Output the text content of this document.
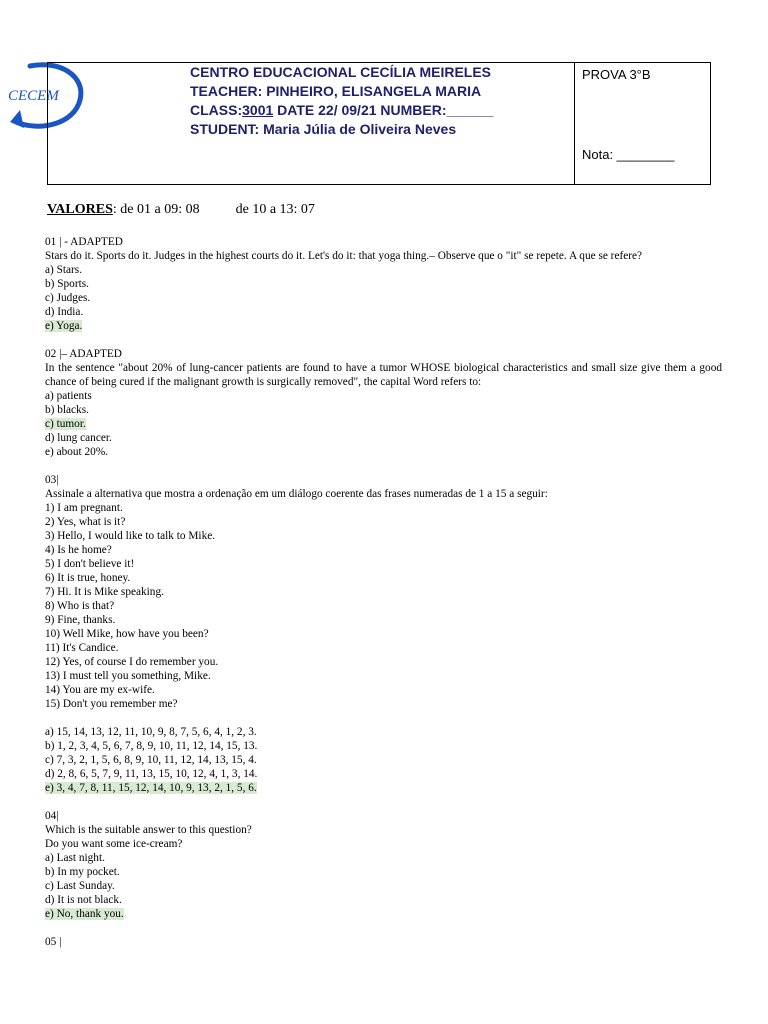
CECEM
CENTRO EDUCACIONAL CECÍLIA MEIRELES
TEACHER: PINHEIRO, ELISANGELA MARIA
CLASS:3001 DATE 22/ 09/21 NUMBER:______
STUDENT: Maria Júlia de Oliveira Neves
PROVA 3°B
Nota: ________
VALORES: de 01 a 09: 08	de 10 a 13: 07
01 | - ADAPTED
Stars do it. Sports do it. Judges in the highest courts do it. Let's do it: that yoga thing.– Observe que o "it" se repete. A que se refere?
a) Stars.
b) Sports.
c) Judges.
d) India.
e) Yoga.
02 |– ADAPTED
In the sentence "about 20% of lung-cancer patients are found to have a tumor WHOSE biological characteristics and small size give them a good chance of being cured if the malignant growth is surgically removed", the capital Word refers to:
a) patients
b) blacks.
c) tumor.
d) lung cancer.
e) about 20%.
03|
Assinale a alternativa que mostra a ordenação em um diálogo coerente das frases numeradas de 1 a 15 a seguir:
1) I am pregnant.
2) Yes, what is it?
3) Hello, I would like to talk to Mike.
4) Is he home?
5) I don't believe it!
6) It is true, honey.
7) Hi. It is Mike speaking.
8) Who is that?
9) Fine, thanks.
10) Well Mike, how have you been?
11) It's Candice.
12) Yes, of course I do remember you.
13) I must tell you something, Mike.
14) You are my ex-wife.
15) Don't you remember me?
a) 15, 14, 13, 12, 11, 10, 9, 8, 7, 5, 6, 4, 1, 2, 3.
b) 1, 2, 3, 4, 5, 6, 7, 8, 9, 10, 11, 12, 14, 15, 13.
c) 7, 3, 2, 1, 5, 6, 8, 9, 10, 11, 12, 14, 13, 15, 4.
d) 2, 8, 6, 5, 7, 9, 11, 13, 15, 10, 12, 4, 1, 3, 14.
e) 3, 4, 7, 8, 11, 15, 12, 14, 10, 9, 13, 2, 1, 5, 6.
04|
Which is the suitable answer to this question?
Do you want some ice-cream?
a) Last night.
b) In my pocket.
c) Last Sunday.
d) It is not black.
e) No, thank you.
05 |
